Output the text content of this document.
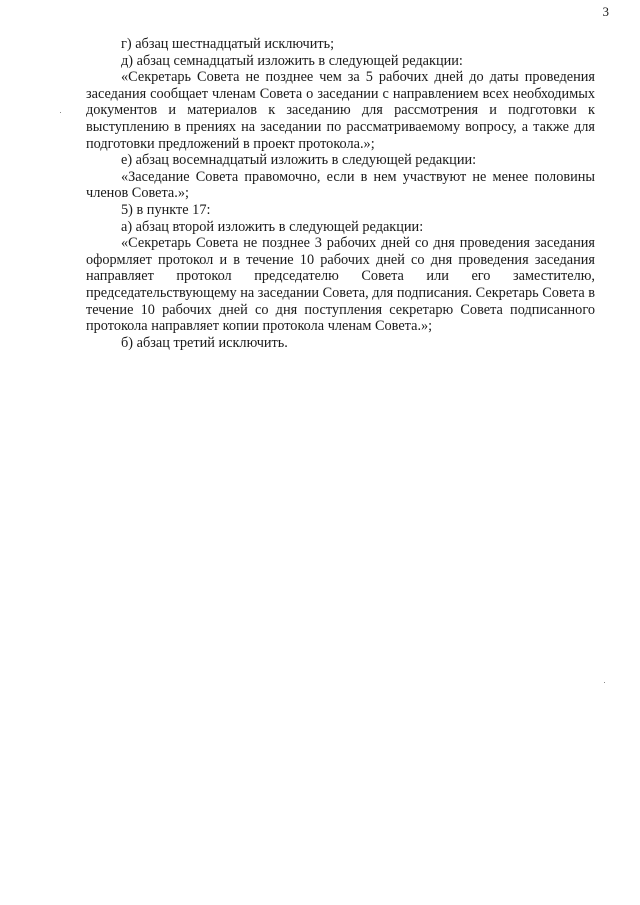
3

г) абзац шестнадцатый исключить;

д) абзац семнадцатый изложить в следующей редакции:

«Секретарь Совета не позднее чем за 5 рабочих дней до даты проведения заседания сообщает членам Совета о заседании с направлением всех необходимых документов и материалов к заседанию для рассмотрения и подготовки к выступлению в прениях на заседании по рассматриваемому вопросу, а также для подготовки предложений в проект протокола.»;

е) абзац восемнадцатый изложить в следующей редакции:

«Заседание Совета правомочно, если в нем участвуют не менее половины членов Совета.»;

5) в пункте 17:

а) абзац второй изложить в следующей редакции:

«Секретарь Совета не позднее 3 рабочих дней со дня проведения заседания оформляет протокол и в течение 10 рабочих дней со дня проведения заседания направляет протокол председателю Совета или его заместителю, председательствующему на заседании Совета, для подписания. Секретарь Совета в течение 10 рабочих дней со дня поступления секретарю Совета подписанного протокола направляет копии протокола членам Совета.»;

б) абзац третий исключить.
